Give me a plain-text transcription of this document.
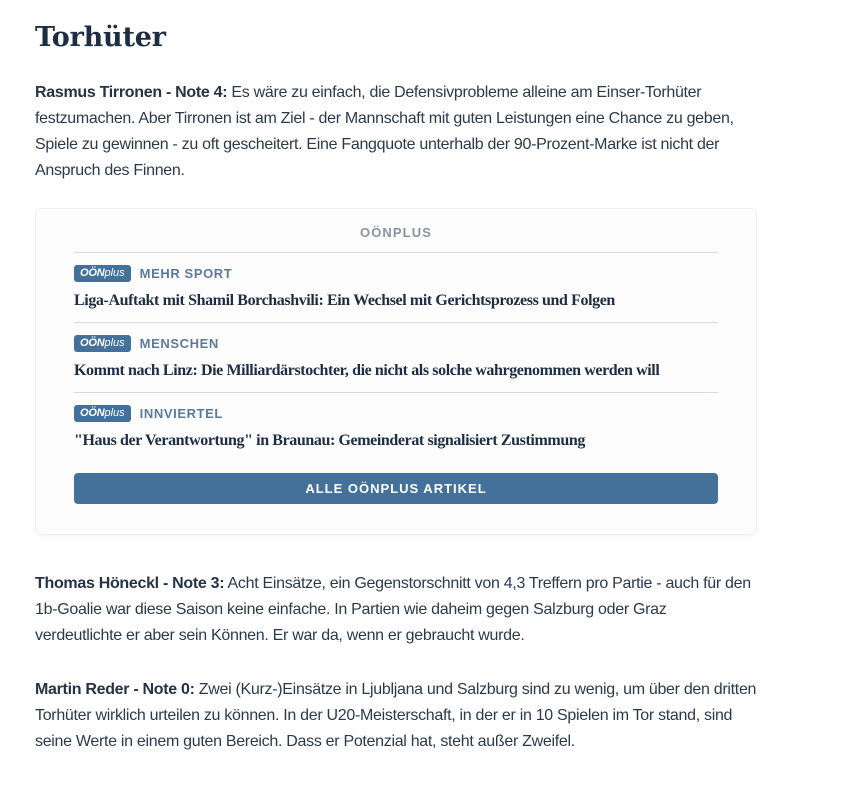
Torhüter

Rasmus Tirronen - Note 4: Es wäre zu einfach, die Defensivprobleme alleine am Einser-Torhüter festzumachen. Aber Tirronen ist am Ziel - der Mannschaft mit guten Leistungen eine Chance zu geben, Spiele zu gewinnen - zu oft gescheitert. Eine Fangquote unterhalb der 90-Prozent-Marke ist nicht der Anspruch des Finnen.

OÖNPLUS
OÖN plus MEHR SPORT
Liga-Auftakt mit Shamil Borchashvili: Ein Wechsel mit Gerichtsprozess und Folgen
OÖN plus MENSCHEN
Kommt nach Linz: Die Milliardärstochter, die nicht als solche wahrgenommen werden will
OÖN plus INNVIERTEL
"Haus der Verantwortung" in Braunau: Gemeinderat signalisiert Zustimmung
ALLE OÖNPLUS ARTIKEL

Thomas Höneckl - Note 3: Acht Einsätze, ein Gegenstorschnitt von 4,3 Treffern pro Partie - auch für den 1b-Goalie war diese Saison keine einfache. In Partien wie daheim gegen Salzburg oder Graz verdeutlichte er aber sein Können. Er war da, wenn er gebraucht wurde.

Martin Reder - Note 0: Zwei (Kurz-)Einsätze in Ljubljana und Salzburg sind zu wenig, um über den dritten Torhüter wirklich urteilen zu können. In der U20-Meisterschaft, in der er in 10 Spielen im Tor stand, sind seine Werte in einem guten Bereich. Dass er Potenzial hat, steht außer Zweifel.
